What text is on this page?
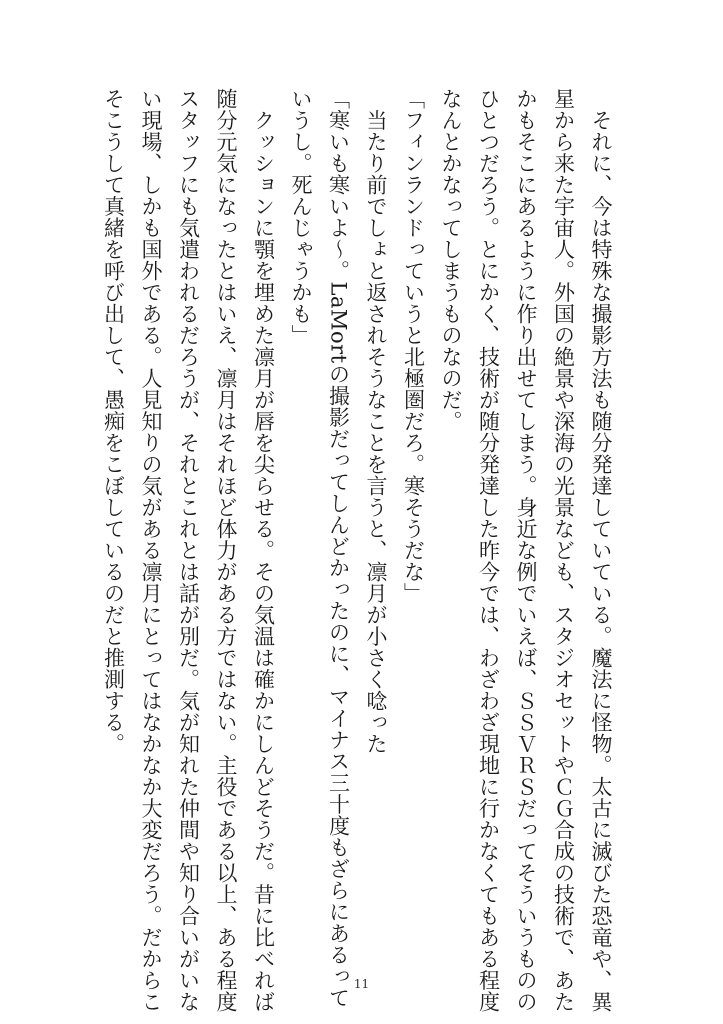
　それに、今は特殊な撮影方法も随分発達していている。魔法に怪物。太古に滅びた恐竜や、異

星から来た宇宙人。外国の絶景や深海の光景なども、スタジオセットやＣＧ合成の技術で、あた

かもそこにあるように作り出せてしまう。身近な例でいえば、ＳＳＶＲＳだってそういうものの

ひとつだろう。とにかく、技術が随分発達した昨今では、わざわざ現地に行かなくてもある程度

なんとかなってしまうものなのだ。

「フィンランドっていうと北極圏だろ。寒そうだな」

　当たり前でしょと返されそうなことを言うと、凛月が小さく唸った

「寒いも寒いよ〜。LaMortの撮影だってしんどかったのに、マイナス三十度もざらにあるって

いうし。死んじゃうかも」

　クッションに顎を埋めた凛月が唇を尖らせる。その気温は確かにしんどそうだ。昔に比べれば

随分元気になったとはいえ、凛月はそれほど体力がある方ではない。主役である以上、ある程度

スタッフにも気遣われるだろうが、それとこれとは話が別だ。気が知れた仲間や知り合いがいな

い現場、しかも国外である。人見知りの気がある凛月にとってはなかなか大変だろう。だからこ

そこうして真緒を呼び出して、愚痴をこぼしているのだと推測する。

11
